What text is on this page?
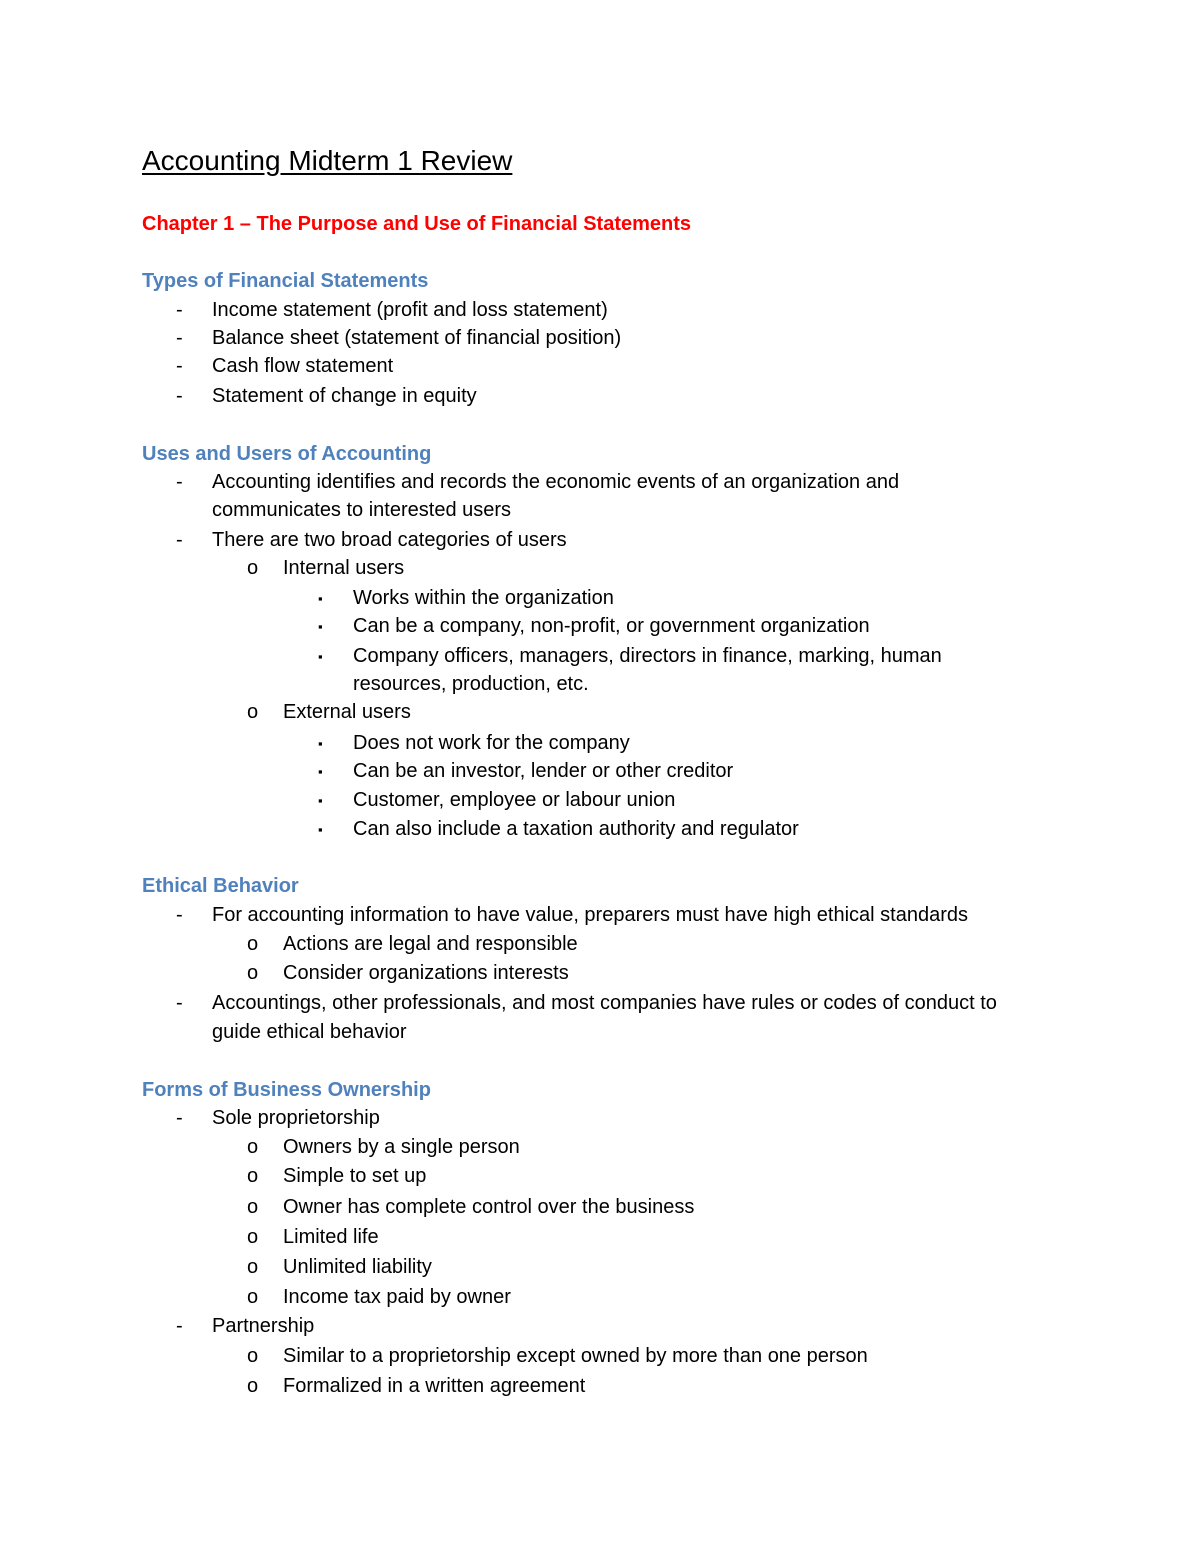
Accounting Midterm 1 Review
Chapter 1 – The Purpose and Use of Financial Statements
Types of Financial Statements
- Income statement (profit and loss statement)
- Balance sheet (statement of financial position)
- Cash flow statement
- Statement of change in equity
Uses and Users of Accounting
- Accounting identifies and records the economic events of an organization and
communicates to interested users
- There are two broad categories of users
o Internal users
▪ Works within the organization
▪ Can be a company, non-profit, or government organization
▪ Company officers, managers, directors in finance, marking, human
resources, production, etc.
o External users
▪ Does not work for the company
▪ Can be an investor, lender or other creditor
▪ Customer, employee or labour union
▪ Can also include a taxation authority and regulator
Ethical Behavior
- For accounting information to have value, preparers must have high ethical standards
o Actions are legal and responsible
o Consider organizations interests
- Accountings, other professionals, and most companies have rules or codes of conduct to
guide ethical behavior
Forms of Business Ownership
- Sole proprietorship
o Owners by a single person
o Simple to set up
o Owner has complete control over the business
o Limited life
o Unlimited liability
o Income tax paid by owner
- Partnership
o Similar to a proprietorship except owned by more than one person
o Formalized in a written agreement
